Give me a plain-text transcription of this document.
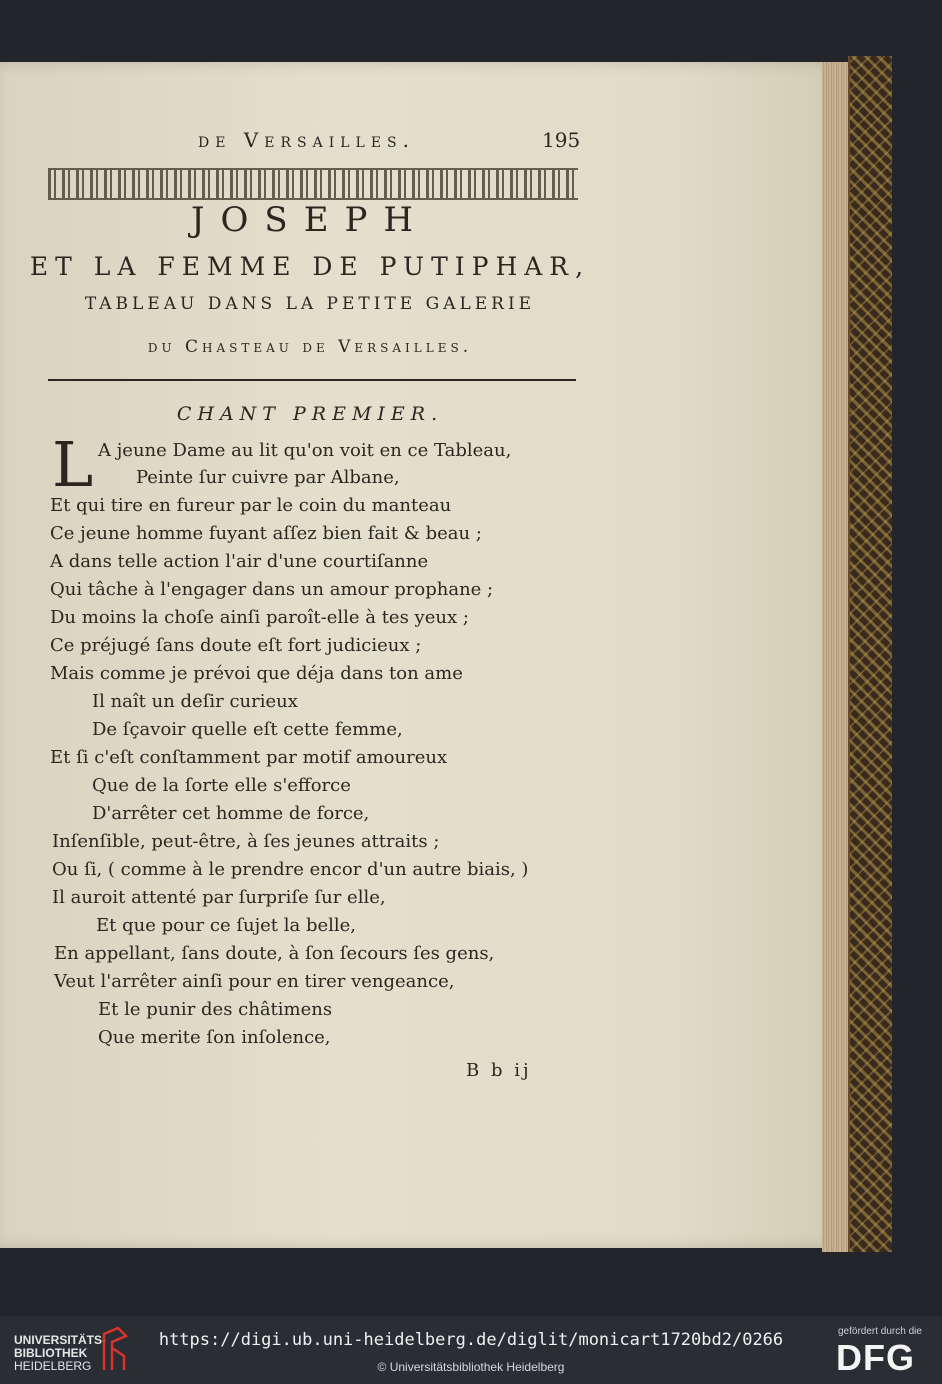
de Versailles.	195
JOSEPH
ET LA FEMME DE PUTIPHAR,
TABLEAU DANS LA PETITE GALERIE
du Chasteau de Versailles.
CHANT PREMIER.
L A jeune Dame au lit qu'on voit en ce Tableau,
Peinte ſur cuivre par Albane,
Et qui tire en fureur par le coin du manteau
Ce jeune homme fuyant aſſez bien fait & beau ;
A dans telle action l'air d'une courtiſanne
Qui tâche à l'engager dans un amour prophane ;
Du moins la choſe ainſi paroît-elle à tes yeux ;
Ce préjugé ſans doute eſt fort judicieux ;
Mais comme je prévoi que déja dans ton ame
Il naît un deſir curieux
De ſçavoir quelle eſt cette femme,
Et ſi c'eſt conſtamment par motif amoureux
Que de la ſorte elle s'efforce
D'arrêter cet homme de force,
Inſenſible, peut-être, à ſes jeunes attraits ;
Ou ſi, ( comme à le prendre encor d'un autre biais, )
Il auroit attenté par ſurpriſe ſur elle,
Et que pour ce ſujet la belle,
En appellant, ſans doute, à ſon ſecours ſes gens,
Veut l'arrêter ainſi pour en tirer vengeance,
Et le punir des châtimens
Que merite ſon inſolence,
B b ij
UNIVERSITÄTS-
BIBLIOTHEK
HEIDELBERG
https://digi.ub.uni-heidelberg.de/diglit/monicart1720bd2/0266
© Universitätsbibliothek Heidelberg
gefördert durch die
DFG
